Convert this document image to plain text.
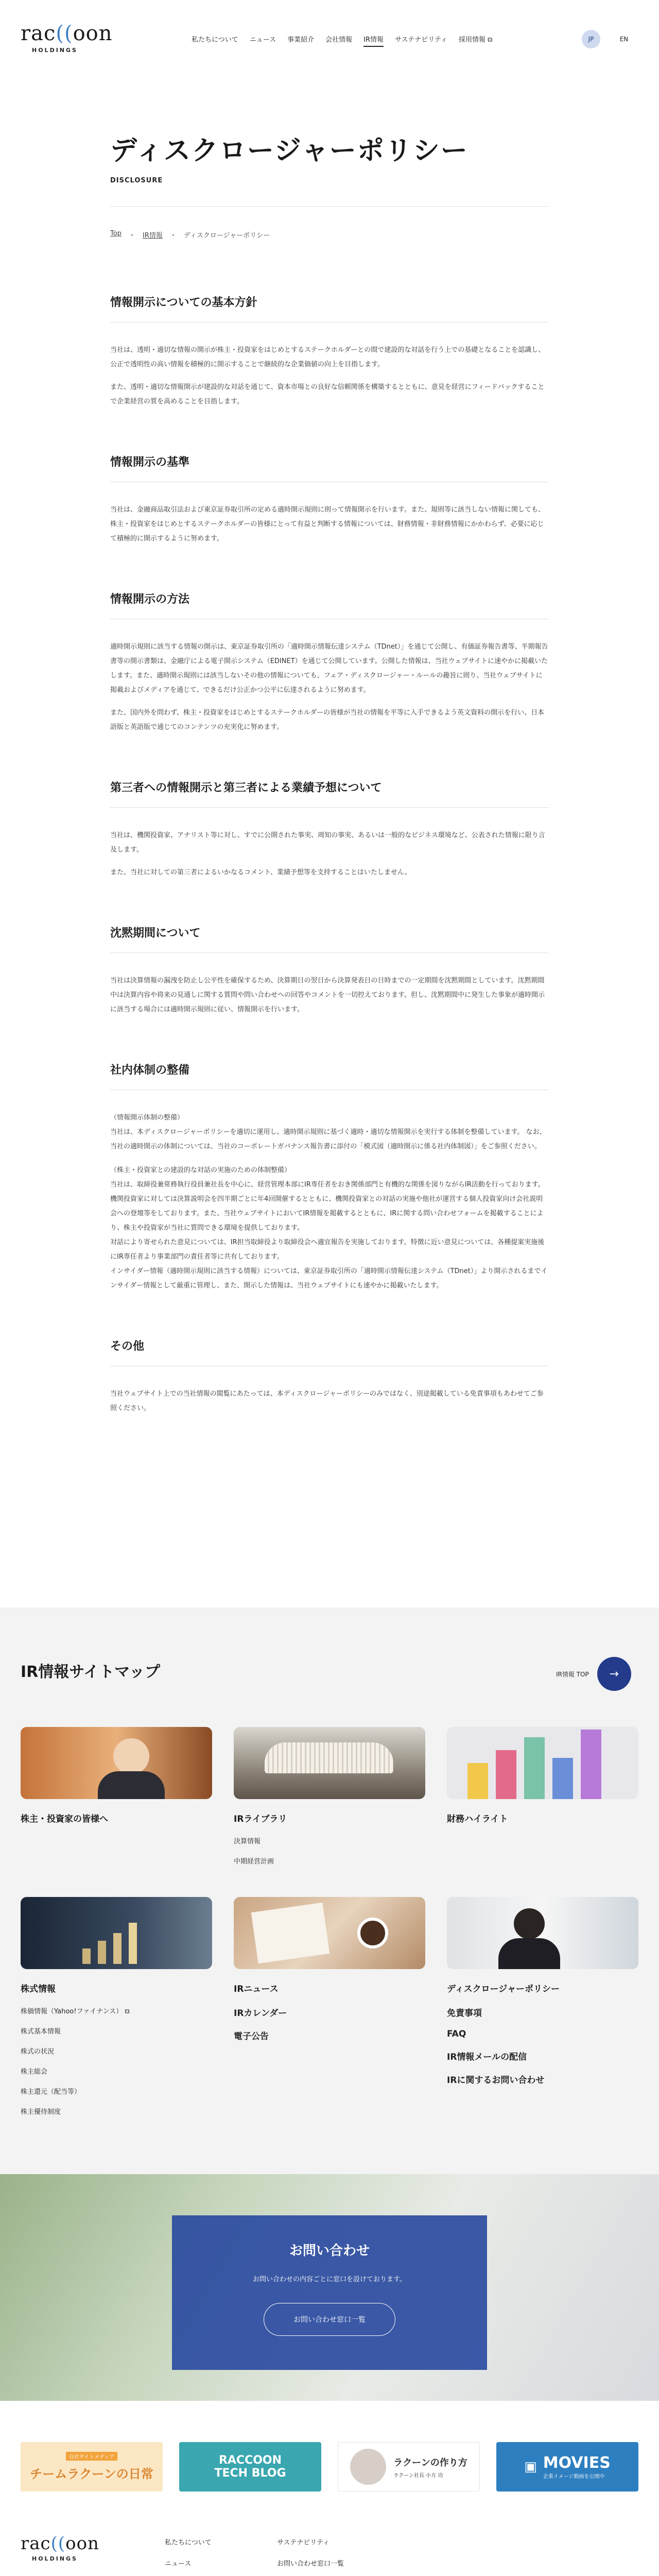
rac((oon
HOLDINGS
私たちについて ニュース 事業紹介 会社情報 IR情報 サステナビリティ 採用情報 ⧉	JP	EN
ディスクロージャーポリシー
DISCLOSURE
Top ・ IR情報 ・ ディスクロージャーポリシー
情報開示についての基本方針

当社は、透明・適切な情報の開示が株主・投資家をはじめとするステークホルダーとの間で建設的な対話を行う上での基礎となることを認識し、公正で透明性の高い情報を積極的に開示することで継続的な企業価値の向上を目指します。

また、透明・適切な情報開示が建設的な対話を通じて、資本市場との良好な信頼関係を構築するとともに、意見を経営にフィードバックすることで企業経営の質を高めることを目指します。

情報開示の基準

当社は、金融商品取引法および東京証券取引所の定める適時開示規則に則って情報開示を行います。また、規則等に該当しない情報に関しても、株主・投資家をはじめとするステークホルダーの皆様にとって有益と判断する情報については、財務情報・非財務情報にかかわらず、必要に応じて積極的に開示するように努めます。

情報開示の方法

適時開示規則に該当する情報の開示は、東京証券取引所の「適時開示情報伝達システム（TDnet）」を通じて公開し、有価証券報告書等、半期報告書等の開示書類は、金融庁による電子開示システム（EDINET）を通じて公開しています。公開した情報は、当社ウェブサイトに速やかに掲載いたします。また、適時開示規則には該当しないその他の情報についても、フェア・ディスクロージャー・ルールの趣旨に則り、当社ウェブサイトに掲載およびメディアを通じて、できるだけ公正かつ公平に伝達されるように努めます。

また、国内外を問わず、株主・投資家をはじめとするステークホルダーの皆様が当社の情報を平等に入手できるよう英文資料の開示を行い、日本語版と英語版で通じてのコンテンツの充実化に努めます。

第三者への情報開示と第三者による業績予想について

当社は、機関投資家、アナリスト等に対し、すでに公開された事実、周知の事実、あるいは一般的なビジネス環境など、公表された情報に限り言及します。

また、当社に対しての第三者によるいかなるコメント、業績予想等を支持することはいたしません。

沈黙期間について

当社は決算情報の漏洩を防止し公平性を確保するため、決算期日の翌日から決算発表日の日時までの一定期間を沈黙期間としています。沈黙期間中は決算内容や将来の見通しに関する質問や問い合わせへの回答やコメントを一切控えております。但し、沈黙期間中に発生した事象が適時開示に該当する場合には適時開示規則に従い、情報開示を行います。

社内体制の整備

（情報開示体制の整備）

当社は、本ディスクロージャーポリシーを適切に運用し、適時開示規則に基づく適時・適切な情報開示を実行する体制を整備しています。 なお、当社の適時開示の体制については、当社のコーポレートガバナンス報告書に添付の「模式図（適時開示に係る社内体制図）」をご参照ください。

（株主・投資家との建設的な対話の実施のための体制整備）

当社は、取締役兼常務執行役員兼社長を中心に、経営管理本部にIR専任者をおき関係部門と有機的な関係を図りながらIR活動を行っております。機関投資家に対しては決算説明会を四半期ごとに年4回開催するとともに、機関投資家との対話の実施や他社が運営する個人投資家向け会社説明会への登壇等をしております。また、当社ウェブサイトにおいてIR情報を掲載するとともに、IRに関する問い合わせフォームを掲載することにより、株主や投資家が当社に質問できる環境を提供しております。

対話により寄せられた意見については、IR担当取締役より取締役会へ適宜報告を実施しております。特徴に近い意見については、各種提案実施後にIR専任者より事業部門の責任者等に共有しております。

インサイダー情報（適時開示規則に該当する情報）については、東京証券取引所の「適時開示情報伝達システム（TDnet）」より開示されるまでインサイダー情報として厳重に管理し、また、開示した情報は、当社ウェブサイトにも速やかに掲載いたします。

その他

当社ウェブサイト上での当社情報の閲覧にあたっては、本ディスクロージャーポリシーのみではなく、別途掲載している免責事項もあわせてご参照ください。

IR情報サイトマップ	IR情報 TOP	→
株主・投資家の皆様へ	IRライブラリ
決算情報
中期経営計画
財務ハイライト
株式情報
株価情報（Yahoo!ファイナンス） ⧉
株式基本情報
株式の状況
株主総会
株主還元（配当等）
株主優待制度
IRニュース
IRカレンダー
電子公告
ディスクロージャーポリシー
免責事項
FAQ
IR情報メールの配信
IRに関するお問い合わせ
お問い合わせ

お問い合わせの内容ごとに窓口を設けております。

お問い合わせ窓口一覧
自社サイトメディア
チームラクーンの日常
RACCOON
TECH BLOG
ラクーンの作り方
ラクーン社長 小方 功
▣ MOVIES
企業イメージ動画を公開中
rac((oon
HOLDINGS
私たちについて
ニュース
サステナビリティ
お問い合わせ窓口一覧
